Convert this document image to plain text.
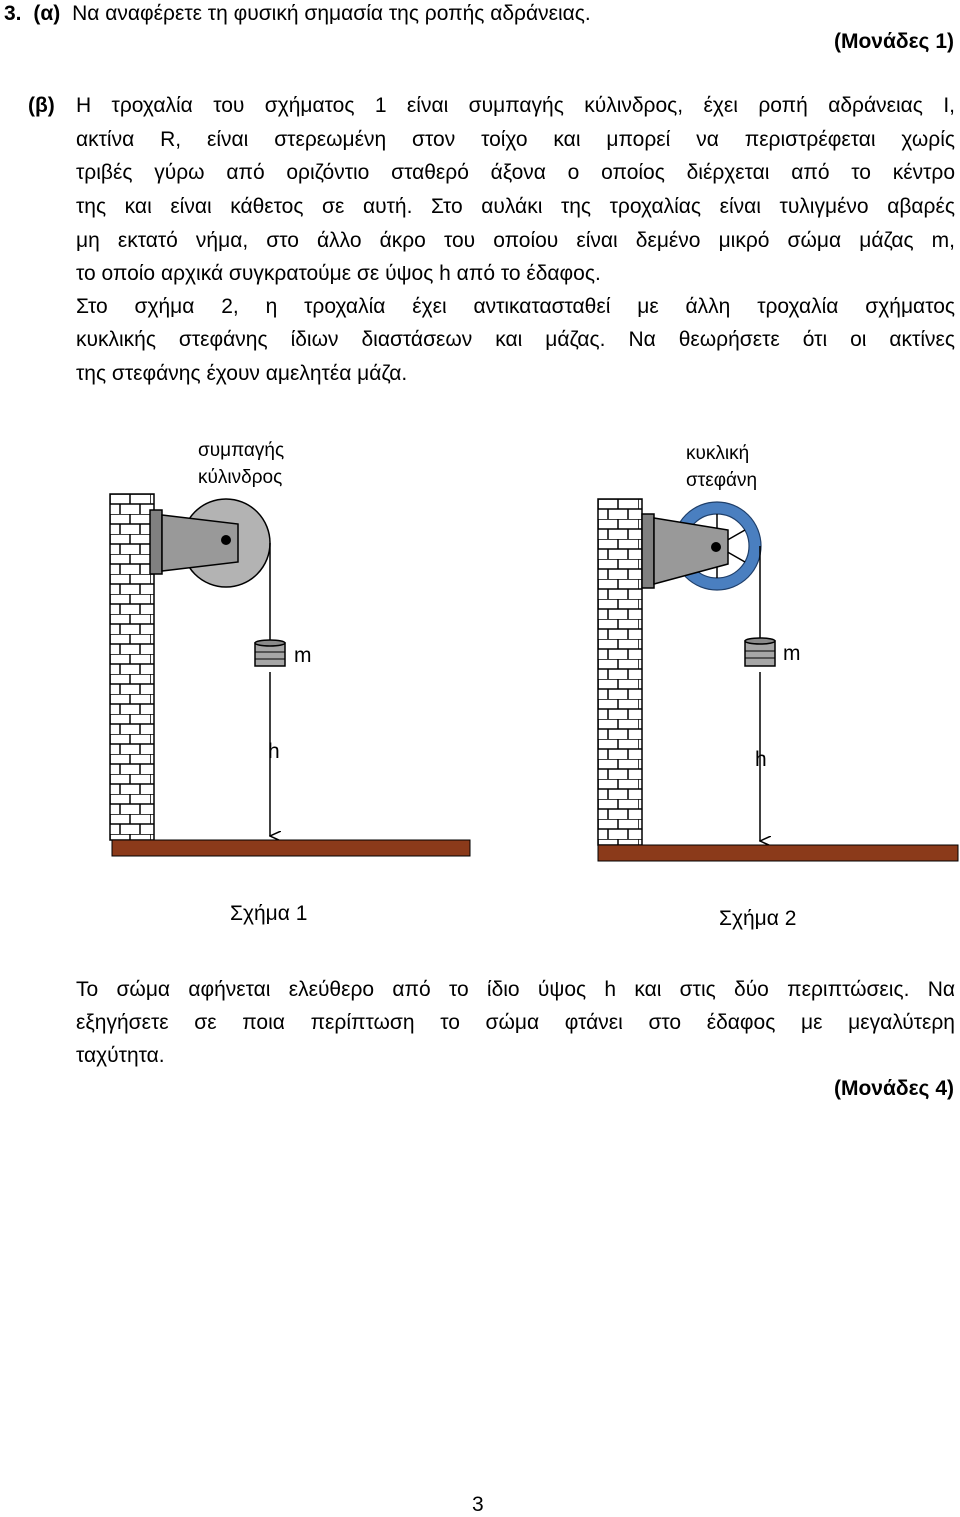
3. (α) Να αναφέρετε τη φυσική σημασία της ροπής αδράνειας.
(Μονάδες 1)
(β) Η τροχαλία του σχήματος 1 είναι συμπαγής κύλινδρος, έχει ροπή αδράνειας Ι,
ακτίνα R, είναι στερεωμένη στον τοίχο και μπορεί να περιστρέφεται χωρίς
τριβές γύρω από οριζόντιο σταθερό άξονα ο οποίος διέρχεται από το κέντρο
της και είναι κάθετος σε αυτή. Στο αυλάκι της τροχαλίας είναι τυλιγμένο αβαρές
μη εκτατό νήμα, στο άλλο άκρο του οποίου είναι δεμένο μικρό σώμα μάζας m,
το οποίο αρχικά συγκρατούμε σε ύψος h από το έδαφος.
Στο σχήμα 2, η τροχαλία έχει αντικατασταθεί με άλλη τροχαλία σχήματος
κυκλικής στεφάνης ίδιων διαστάσεων και μάζας. Να θεωρήσετε ότι οι ακτίνες
της στεφάνης έχουν αμελητέα μάζα.
συμπαγής
κύλινδρος
κυκλική
στεφάνη
m
h
Σχήμα 1
m
h
Σχήμα 2
Το σώμα αφήνεται ελεύθερο από το ίδιο ύψος h και στις δύο περιπτώσεις. Να
εξηγήσετε σε ποια περίπτωση το σώμα φτάνει στο έδαφος με μεγαλύτερη
ταχύτητα.
(Μονάδες 4)
3
